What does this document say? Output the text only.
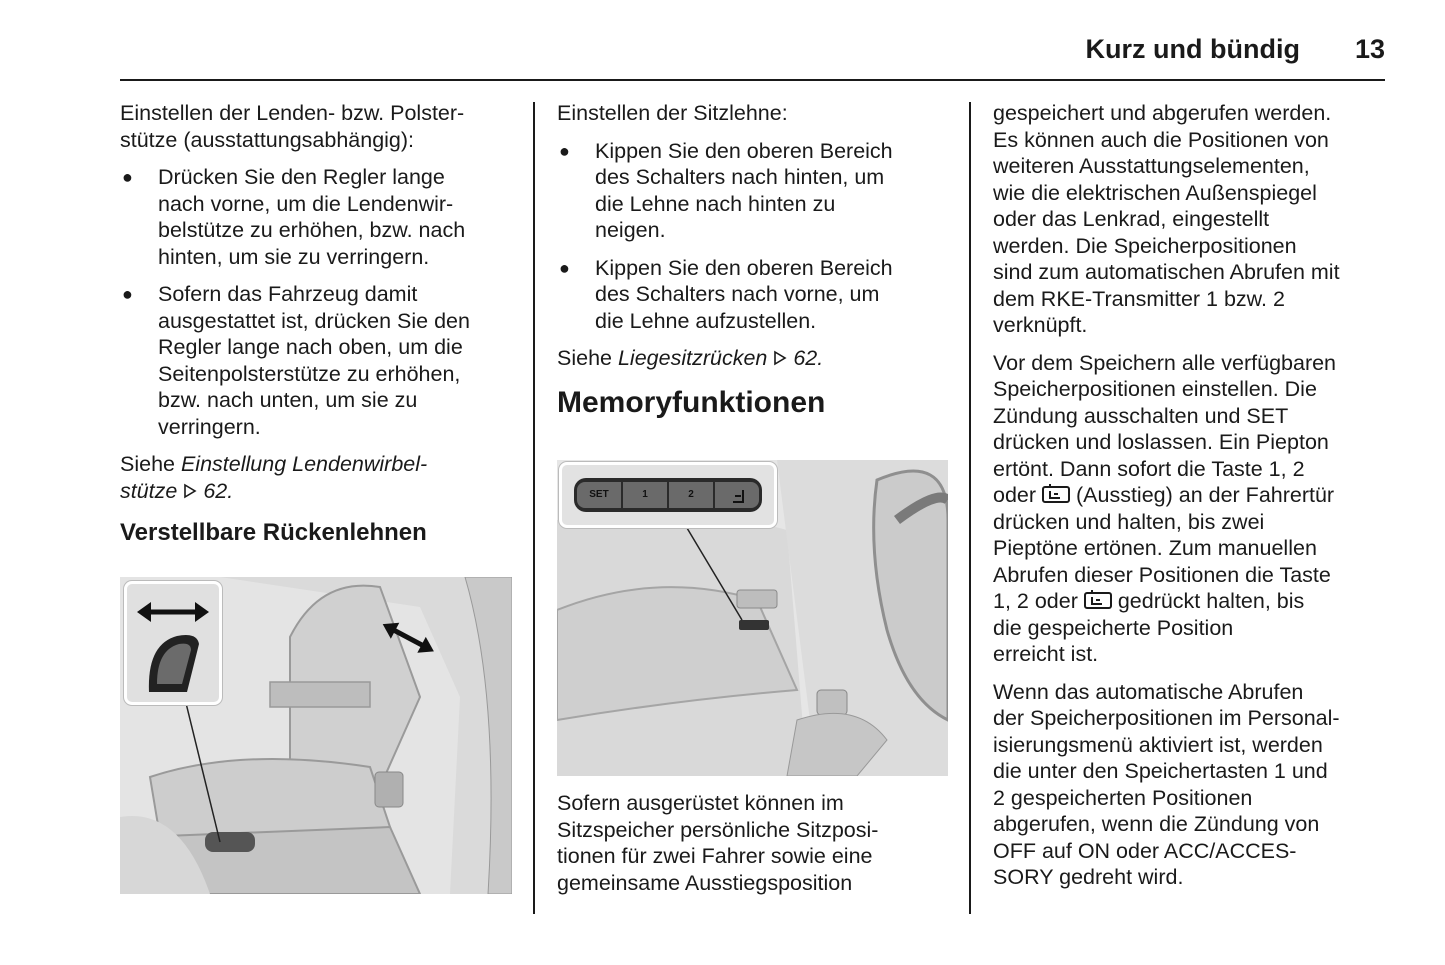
Kurz und bündig	13

Einstellen der Lenden- bzw. Polster-
stütze (ausstattungsabhängig):

● Drücken Sie den Regler lange
nach vorne, um die Lendenwir-
belstütze zu erhöhen, bzw. nach
hinten, um sie zu verringern.
● Sofern das Fahrzeug damit
ausgestattet ist, drücken Sie den
Regler lange nach oben, um die
Seitenpolsterstütze zu erhöhen,
bzw. nach unten, um sie zu
verringern.

Siehe Einstellung Lendenwirbel-
stütze  62.

Verstellbare Rückenlehnen

Einstellen der Sitzlehne:

● Kippen Sie den oberen Bereich
des Schalters nach hinten, um
die Lehne nach hinten zu
neigen.
● Kippen Sie den oberen Bereich
des Schalters nach vorne, um
die Lehne aufzustellen.

Siehe Liegesitzrücken  62.

Memoryfunktionen
SET	1	2

Sofern ausgerüstet können im
Sitzspeicher persönliche Sitzposi-
tionen für zwei Fahrer sowie eine
gemeinsame Ausstiegsposition

gespeichert und abgerufen werden.
Es können auch die Positionen von
weiteren Ausstattungselementen,
wie die elektrischen Außenspiegel
oder das Lenkrad, eingestellt
werden. Die Speicherpositionen
sind zum automatischen Abrufen mit
dem RKE-Transmitter 1 bzw. 2
verknüpft.

Vor dem Speichern alle verfügbaren
Speicherpositionen einstellen. Die
Zündung ausschalten und SET
drücken und loslassen. Ein Piepton
ertönt. Dann sofort die Taste 1, 2
oder  (Ausstieg) an der Fahrertür
drücken und halten, bis zwei
Pieptöne ertönen. Zum manuellen
Abrufen dieser Positionen die Taste
1, 2 oder  gedrückt halten, bis
die gespeicherte Position
erreicht ist.

Wenn das automatische Abrufen
der Speicherpositionen im Personal-
isierungsmenü aktiviert ist, werden
die unter den Speichertasten 1 und
2 gespeicherten Positionen
abgerufen, wenn die Zündung von
OFF auf ON oder ACC/ACCES-
SORY gedreht wird.
